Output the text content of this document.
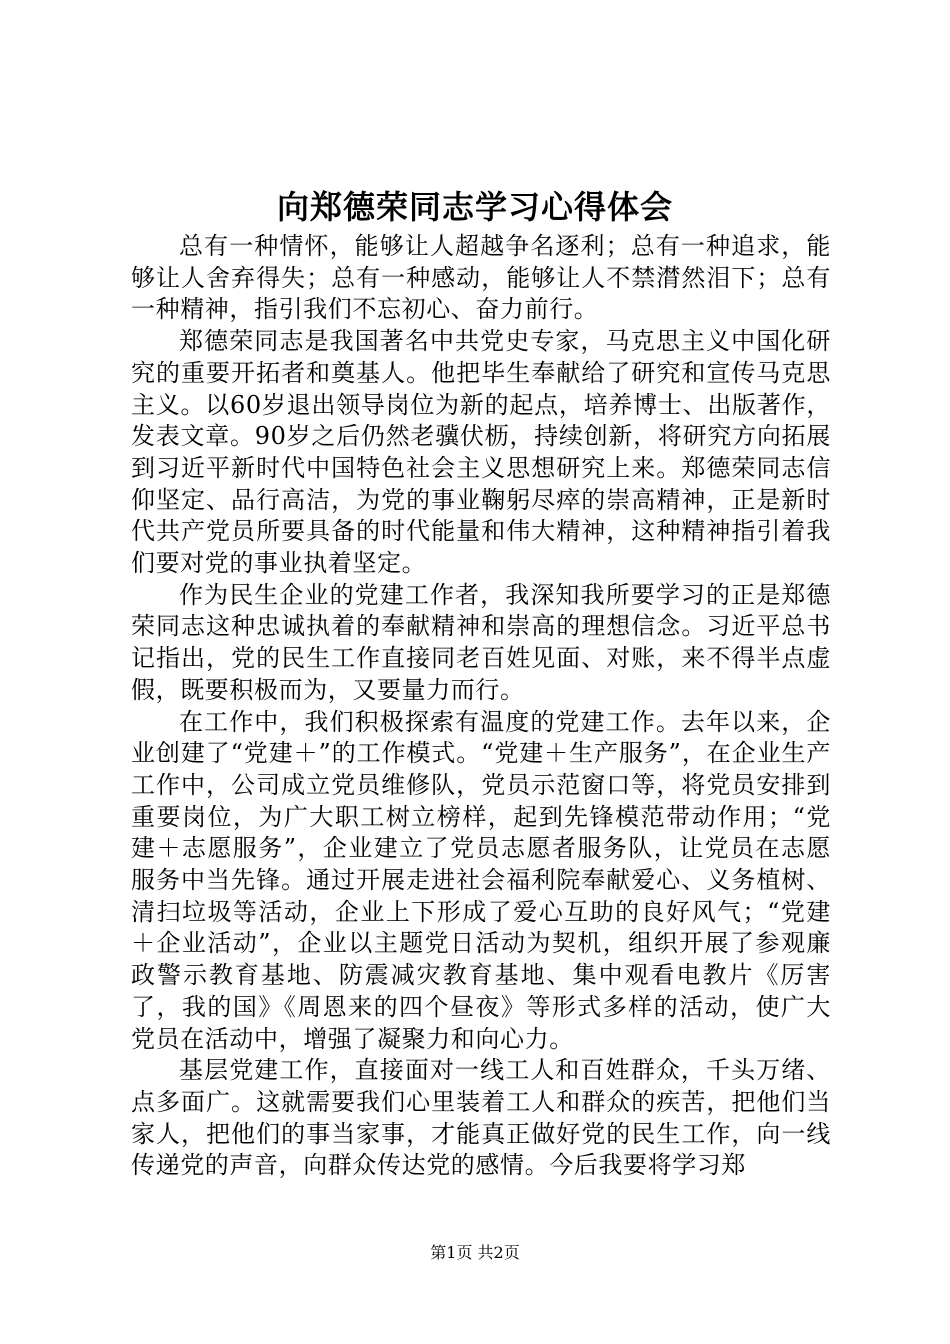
向郑德荣同志学习心得体会

总有一种情怀，能够让人超越争名逐利；总有一种追求，能够让人舍弃得失；总有一种感动，能够让人不禁潸然泪下；总有一种精神，指引我们不忘初心、奋力前行。

郑德荣同志是我国著名中共党史专家，马克思主义中国化研究的重要开拓者和奠基人。他把毕生奉献给了研究和宣传马克思主义。以60岁退出领导岗位为新的起点，培养博士、出版著作，发表文章。90岁之后仍然老骥伏枥，持续创新，将研究方向拓展到习近平新时代中国特色社会主义思想研究上来。郑德荣同志信仰坚定、品行高洁，为党的事业鞠躬尽瘁的崇高精神，正是新时代共产党员所要具备的时代能量和伟大精神，这种精神指引着我们要对党的事业执着坚定。

作为民生企业的党建工作者，我深知我所要学习的正是郑德荣同志这种忠诚执着的奉献精神和崇高的理想信念。习近平总书记指出，党的民生工作直接同老百姓见面、对账，来不得半点虚假，既要积极而为，又要量力而行。

在工作中，我们积极探索有温度的党建工作。去年以来，企业创建了“党建＋”的工作模式。“党建＋生产服务”，在企业生产工作中，公司成立党员维修队，党员示范窗口等，将党员安排到重要岗位，为广大职工树立榜样，起到先锋模范带动作用；“党建＋志愿服务”，企业建立了党员志愿者服务队，让党员在志愿服务中当先锋。通过开展走进社会福利院奉献爱心、义务植树、清扫垃圾等活动，企业上下形成了爱心互助的良好风气；“党建＋企业活动”，企业以主题党日活动为契机，组织开展了参观廉政警示教育基地、防震减灾教育基地、集中观看电教片《厉害了，我的国》《周恩来的四个昼夜》等形式多样的活动，使广大党员在活动中，增强了凝聚力和向心力。

基层党建工作，直接面对一线工人和百姓群众，千头万绪、点多面广。这就需要我们心里装着工人和群众的疾苦，把他们当家人，把他们的事当家事，才能真正做好党的民生工作，向一线传递党的声音，向群众传达党的感情。今后我要将学习郑

第1页 共2页
